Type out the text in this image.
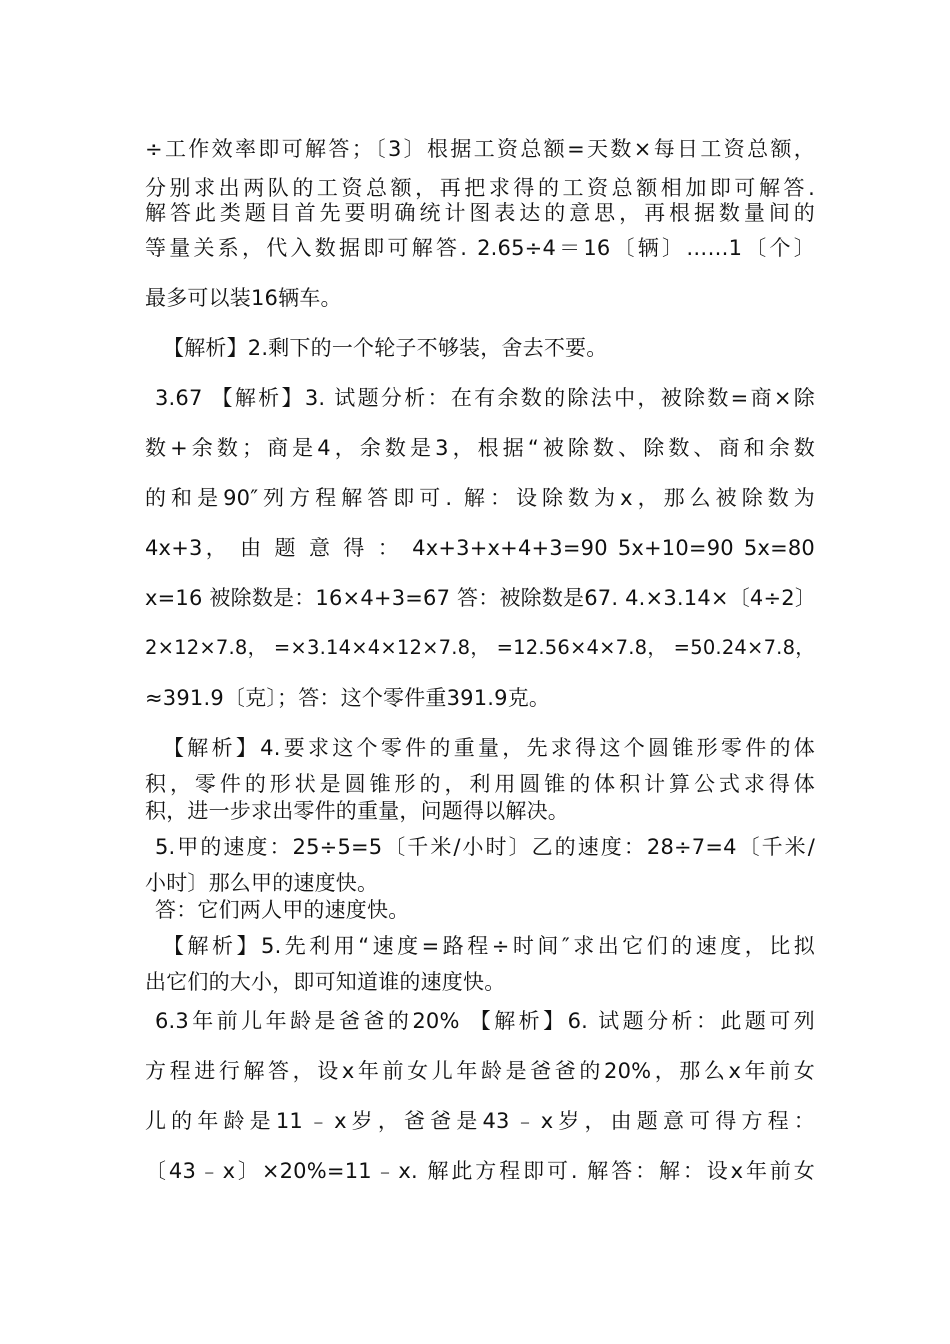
÷工作效率即可解答；〔3〕根据工资总额=天数×每日工资总额，
分别求出两队的工资总额，再把求得的工资总额相加即可解答.
解答此类题目首先要明确统计图表达的意思，再根据数量间的
等量关系，代入数据即可解答. 2.65÷4＝16〔辆〕……1〔个〕
最多可以装16辆车。
【解析】2.剩下的一个轮子不够装，舍去不要。
3.67 【解析】3. 试题分析：在有余数的除法中，被除数=商×除
数+余数；商是4，余数是3，根据“被除数、除数、商和余数
的和是90″列方程解答即可. 解：设除数为x，那么被除数为
4x+3， 由 题 意 得 ： 4x+3+x+4+3=90 5x+10=90 5x=80
x=16 被除数是：16×4+3=67 答：被除数是67. 4.×3.14×〔4÷2〕
2×12×7.8， =×3.14×4×12×7.8， =12.56×4×7.8， =50.24×7.8，
≈391.9〔克〕；答：这个零件重391.9克。
【解析】4.要求这个零件的重量，先求得这个圆锥形零件的体
积，零件的形状是圆锥形的，利用圆锥的体积计算公式求得体
积，进一步求出零件的重量，问题得以解决。
5.甲的速度：25÷5=5〔千米/小时〕乙的速度：28÷7=4〔千米/
小时〕那么甲的速度快。
答：它们两人甲的速度快。
【解析】5.先利用“速度=路程÷时间″求出它们的速度，比拟
出它们的大小，即可知道谁的速度快。
6.3年前儿年龄是爸爸的20% 【解析】6. 试题分析：此题可列
方程进行解答，设x年前女儿年龄是爸爸的20%，那么x年前女
儿的年龄是11﹣x岁，爸爸是43﹣x岁，由题意可得方程：
〔43﹣x〕×20%=11﹣x. 解此方程即可. 解答：解：设x年前女
